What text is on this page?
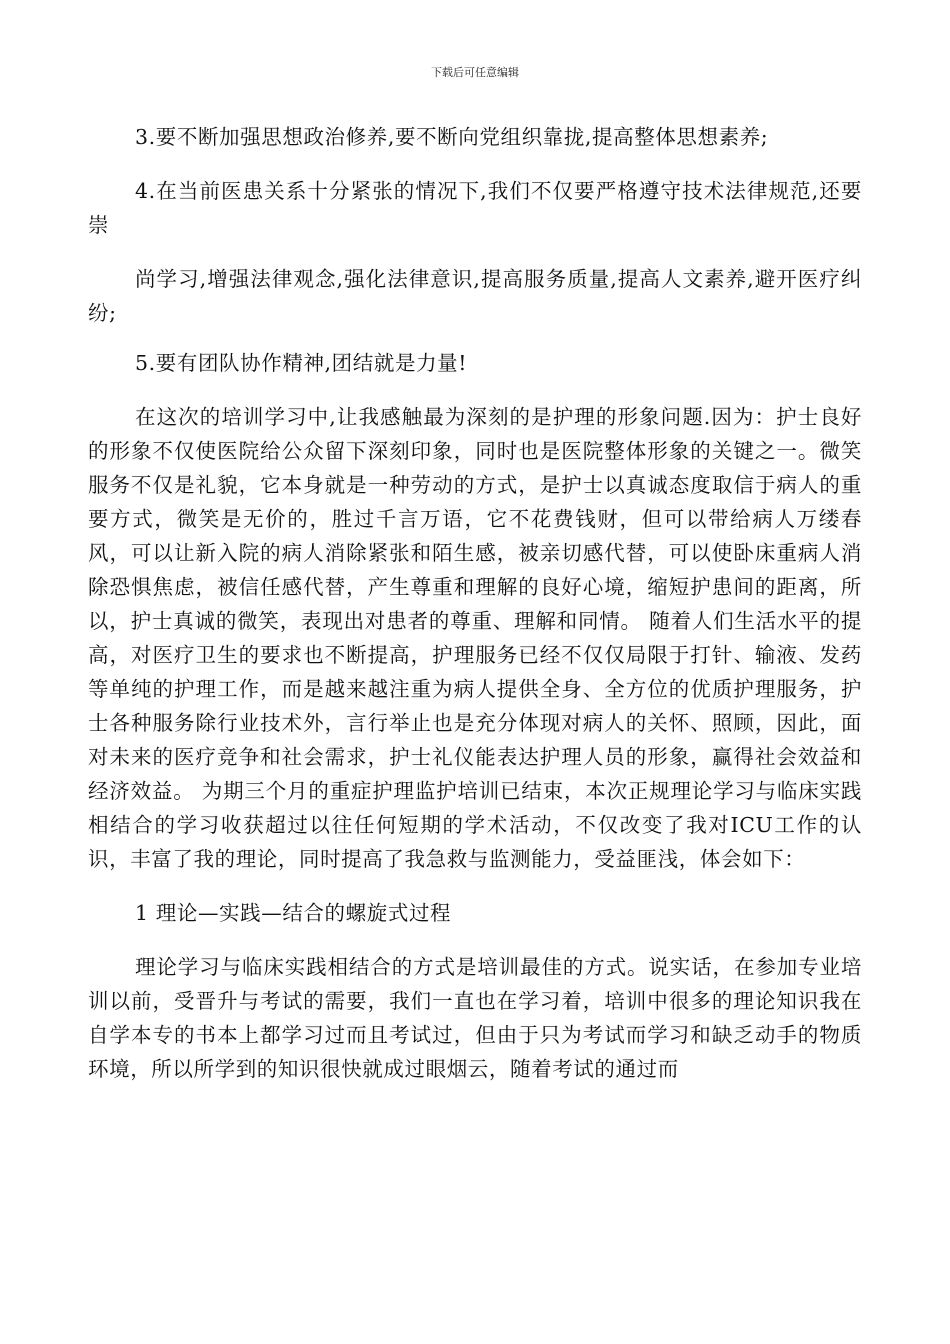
下载后可任意编辑

3.要不断加强思想政治修养,要不断向党组织靠拢,提高整体思想素养;

4.在当前医患关系十分紧张的情况下,我们不仅要严格遵守技术法律规范,还要崇

尚学习,增强法律观念,强化法律意识,提高服务质量,提高人文素养,避开医疗纠纷;

5.要有团队协作精神,团结就是力量!

在这次的培训学习中,让我感触最为深刻的是护理的形象问题.因为：护士良好的形象不仅使医院给公众留下深刻印象，同时也是医院整体形象的关键之一。微笑服务不仅是礼貌，它本身就是一种劳动的方式，是护士以真诚态度取信于病人的重要方式，微笑是无价的，胜过千言万语，它不花费钱财，但可以带给病人万缕春风，可以让新入院的病人消除紧张和陌生感，被亲切感代替，可以使卧床重病人消除恐惧焦虑，被信任感代替，产生尊重和理解的良好心境，缩短护患间的距离，所以，护士真诚的微笑，表现出对患者的尊重、理解和同情。 随着人们生活水平的提高，对医疗卫生的要求也不断提高，护理服务已经不仅仅局限于打针、输液、发药等单纯的护理工作，而是越来越注重为病人提供全身、全方位的优质护理服务，护士各种服务除行业技术外，言行举止也是充分体现对病人的关怀、照顾，因此，面对未来的医疗竞争和社会需求，护士礼仪能表达护理人员的形象，赢得社会效益和经济效益。 为期三个月的重症护理监护培训已结束，本次正规理论学习与临床实践相结合的学习收获超过以往任何短期的学术活动，不仅改变了我对ICU工作的认识，丰富了我的理论，同时提高了我急救与监测能力，受益匪浅，体会如下：

1 理论—实践—结合的螺旋式过程

理论学习与临床实践相结合的方式是培训最佳的方式。说实话，在参加专业培训以前，受晋升与考试的需要，我们一直也在学习着，培训中很多的理论知识我在自学本专的书本上都学习过而且考试过，但由于只为考试而学习和缺乏动手的物质环境，所以所学到的知识很快就成过眼烟云，随着考试的通过而
